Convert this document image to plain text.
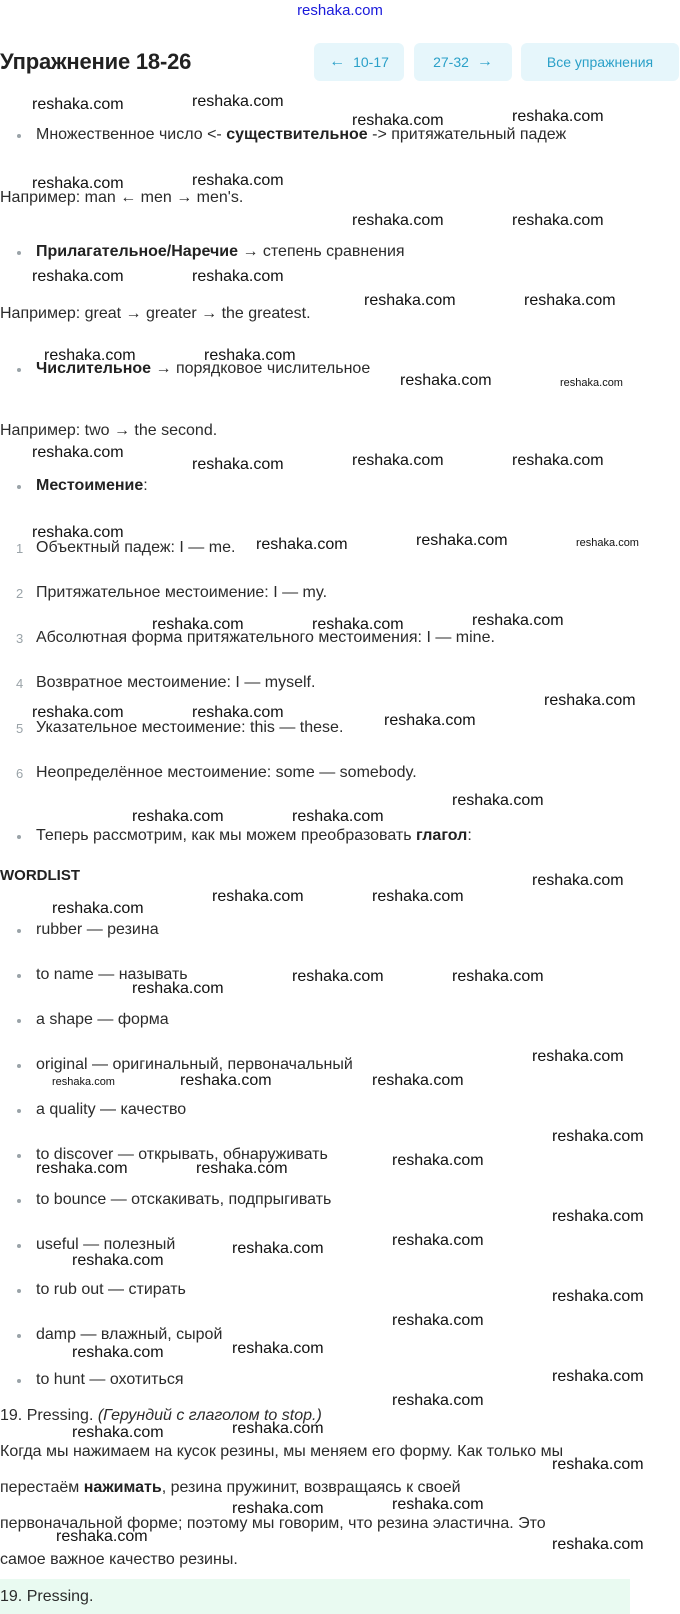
reshaka.com
Упражнение 18-26	← 10-17	27-32 →	Все упражнения
Множественное число <- существительное -> притяжательный падеж
Например: man ← men → men's.
Прилагательное/Наречие → степень сравнения
Например: great → greater → the greatest.
Числительное → порядковое числительное
Например: two → the second.
Местоимение:
1 Объектный падеж: I — me.
2 Притяжательное местоимение: I — my.
3 Абсолютная форма притяжательного местоимения: I — mine.
4 Возвратное местоимение: I — myself.
5 Указательное местоимение: this — these.
6 Неопределённое местоимение: some — somebody.
Теперь рассмотрим, как мы можем преобразовать глагол:
WORDLIST
rubber — резина
to name — называть
a shape — форма
original — оригинальный, первоначальный
a quality — качество
to discover — открывать, обнаруживать
to bounce — отскакивать, подпрыгивать
useful — полезный
to rub out — стирать
damp — влажный, сырой
to hunt — охотиться
19. Pressing. (Герундий с глаголом to stop.)
Когда мы нажимаем на кусок резины, мы меняем его форму. Как только мы
перестаём нажимать, резина пружинит, возвращаясь к своей
первоначальной форме; поэтому мы говорим, что резина эластична. Это
самое важное качество резины.
19. Pressing.
reshaka.com	reshaka.com
reshaka.com	reshaka.com
reshaka.com	reshaka.com
reshaka.com	reshaka.com
reshaka.com	reshaka.com
reshaka.com	reshaka.com
reshaka.com	reshaka.com
reshaka.com	reshaka.com
reshaka.com
reshaka.com	reshaka.com	reshaka.com
reshaka.com
reshaka.com	reshaka.com	reshaka.com
reshaka.com	reshaka.com	reshaka.com
reshaka.com
reshaka.com	reshaka.com	reshaka.com
reshaka.com
reshaka.com	reshaka.com
reshaka.com
reshaka.com	reshaka.com
reshaka.com
reshaka.com	reshaka.com
reshaka.com
reshaka.com
reshaka.com	reshaka.com	reshaka.com
reshaka.com
reshaka.com
reshaka.com	reshaka.com
reshaka.com
reshaka.com
reshaka.com
reshaka.com
reshaka.com
reshaka.com
reshaka.com
reshaka.com
reshaka.com
reshaka.com
reshaka.com
reshaka.com
reshaka.com
reshaka.com
reshaka.com
reshaka.com
reshaka.com
